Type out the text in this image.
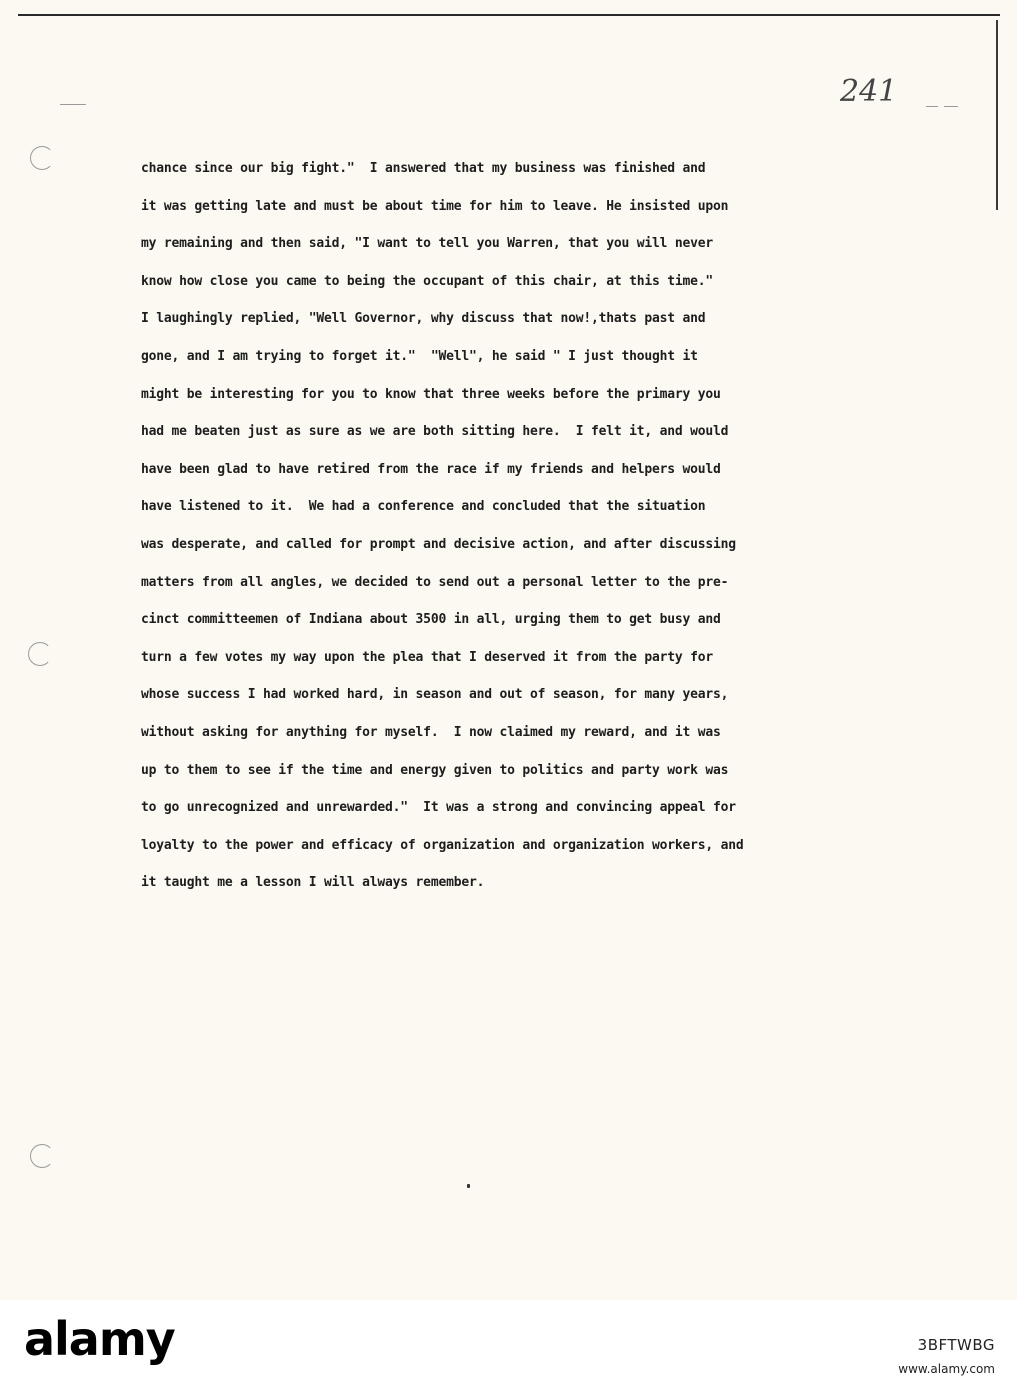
241
chance since our big fight."  I answered that my business was finished and
it was getting late and must be about time for him to leave. He insisted upon
my remaining and then said, "I want to tell you Warren, that you will never
know how close you came to being the occupant of this chair, at this time."
I laughingly replied, "Well Governor, why discuss that now!,thats past and
gone, and I am trying to forget it."  "Well", he said " I just thought it
might be interesting for you to know that three weeks before the primary you
had me beaten just as sure as we are both sitting here.  I felt it, and would
have been glad to have retired from the race if my friends and helpers would
have listened to it.  We had a conference and concluded that the situation
was desperate, and called for prompt and decisive action, and after discussing
matters from all angles, we decided to send out a personal letter to the pre-
cinct committeemen of Indiana about 3500 in all, urging them to get busy and
turn a few votes my way upon the plea that I deserved it from the party for
whose success I had worked hard, in season and out of season, for many years,
without asking for anything for myself.  I now claimed my reward, and it was
up to them to see if the time and energy given to politics and party work was
to go unrecognized and unrewarded."  It was a strong and convincing appeal for
loyalty to the power and efficacy of organization and organization workers, and
it taught me a lesson I will always remember.
alamy	3BFTWBG
www.alamy.com
